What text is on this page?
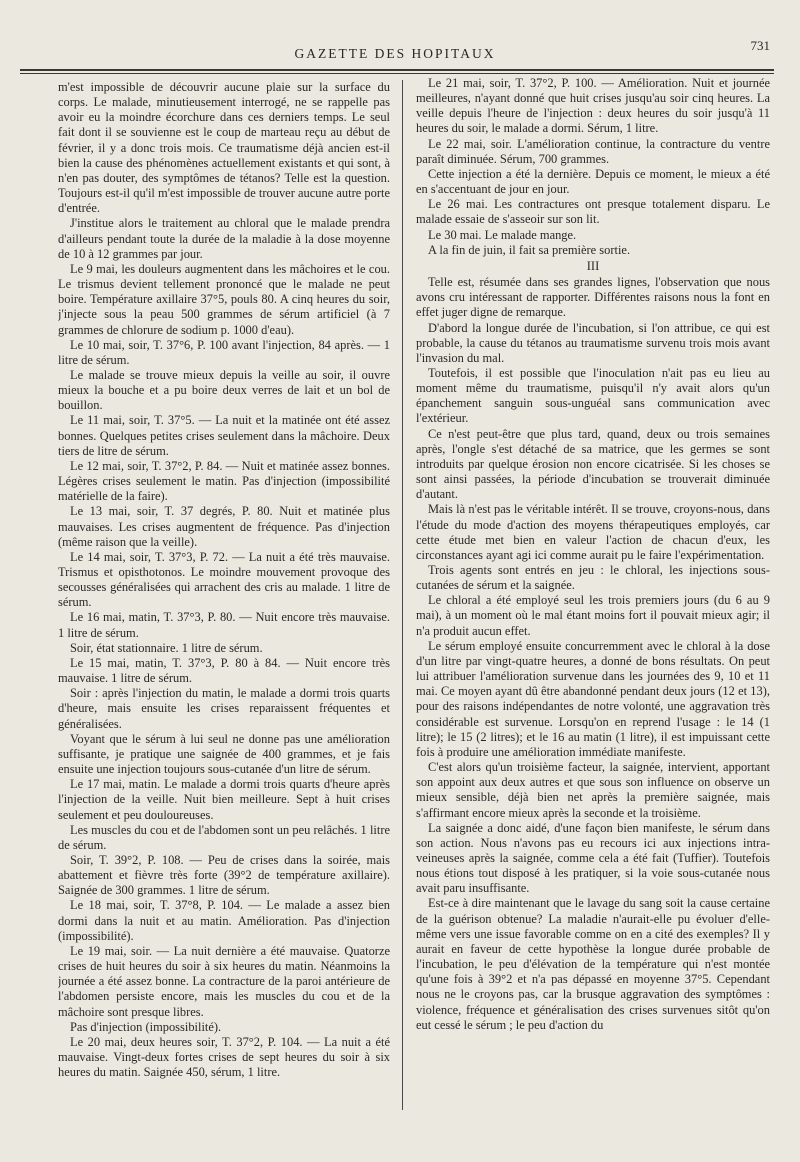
GAZETTE DES HOPITAUX
731

m'est impossible de découvrir aucune plaie sur la surface du corps. Le malade, minutieusement interrogé, ne se rappelle pas avoir eu la moindre écorchure dans ces derniers temps. Le seul fait dont il se souvienne est le coup de marteau reçu au début de février, il y a donc trois mois. Ce traumatisme déjà ancien est-il bien la cause des phénomènes actuellement existants et qui sont, à n'en pas douter, des symptômes de tétanos? Telle est la question. Toujours est-il qu'il m'est impossible de trouver aucune autre porte d'entrée.

J'institue alors le traitement au chloral que le malade prendra d'ailleurs pendant toute la durée de la maladie à la dose moyenne de 10 à 12 grammes par jour.

Le 9 mai, les douleurs augmentent dans les mâchoires et le cou. Le trismus devient tellement prononcé que le malade ne peut boire. Température axillaire 37°5, pouls 80. A cinq heures du soir, j'injecte sous la peau 500 grammes de sérum artificiel (à 7 grammes de chlorure de sodium p. 1000 d'eau).

Le 10 mai, soir, T. 37°6, P. 100 avant l'injection, 84 après. — 1 litre de sérum.

Le malade se trouve mieux depuis la veille au soir, il ouvre mieux la bouche et a pu boire deux verres de lait et un bol de bouillon.

Le 11 mai, soir, T. 37°5. — La nuit et la matinée ont été assez bonnes. Quelques petites crises seulement dans la mâchoire. Deux tiers de litre de sérum.

Le 12 mai, soir, T. 37°2, P. 84. — Nuit et matinée assez bonnes. Légères crises seulement le matin. Pas d'injection (impossibilité matérielle de la faire).

Le 13 mai, soir, T. 37 degrés, P. 80. Nuit et matinée plus mauvaises. Les crises augmentent de fréquence. Pas d'injection (même raison que la veille).

Le 14 mai, soir, T. 37°3, P. 72. — La nuit a été très mauvaise. Trismus et opisthotonos. Le moindre mouvement provoque des secousses généralisées qui arrachent des cris au malade. 1 litre de sérum.

Le 16 mai, matin, T. 37°3, P. 80. — Nuit encore très mauvaise. 1 litre de sérum.

Soir, état stationnaire. 1 litre de sérum.

Le 15 mai, matin, T. 37°3, P. 80 à 84. — Nuit encore très mauvaise. 1 litre de sérum.

Soir : après l'injection du matin, le malade a dormi trois quarts d'heure, mais ensuite les crises reparaissent fréquentes et généralisées.

Voyant que le sérum à lui seul ne donne pas une amélioration suffisante, je pratique une saignée de 400 grammes, et je fais ensuite une injection toujours sous-cutanée d'un litre de sérum.

Le 17 mai, matin. Le malade a dormi trois quarts d'heure après l'injection de la veille. Nuit bien meilleure. Sept à huit crises seulement et peu douloureuses.

Les muscles du cou et de l'abdomen sont un peu relâchés. 1 litre de sérum.

Soir, T. 39°2, P. 108. — Peu de crises dans la soirée, mais abattement et fièvre très forte (39°2 de température axillaire). Saignée de 300 grammes. 1 litre de sérum.

Le 18 mai, soir, T. 37°8, P. 104. — Le malade a assez bien dormi dans la nuit et au matin. Amélioration. Pas d'injection (impossibilité).

Le 19 mai, soir. — La nuit dernière a été mauvaise. Quatorze crises de huit heures du soir à six heures du matin. Néanmoins la journée a été assez bonne. La contracture de la paroi antérieure de l'abdomen persiste encore, mais les muscles du cou et de la mâchoire sont presque libres.

Pas d'injection (impossibilité).

Le 20 mai, deux heures soir, T. 37°2, P. 104. — La nuit a été mauvaise. Vingt-deux fortes crises de sept heures du soir à six heures du matin. Saignée 450, sérum, 1 litre.

Le 21 mai, soir, T. 37°2, P. 100. — Amélioration. Nuit et journée meilleures, n'ayant donné que huit crises jusqu'au soir cinq heures. La veille depuis l'heure de l'injection : deux heures du soir jusqu'à 11 heures du soir, le malade a dormi. Sérum, 1 litre.

Le 22 mai, soir. L'amélioration continue, la contracture du ventre paraît diminuée. Sérum, 700 grammes.

Cette injection a été la dernière. Depuis ce moment, le mieux a été en s'accentuant de jour en jour.

Le 26 mai. Les contractures ont presque totalement disparu. Le malade essaie de s'asseoir sur son lit.

Le 30 mai. Le malade mange.

A la fin de juin, il fait sa première sortie.

III

Telle est, résumée dans ses grandes lignes, l'observation que nous avons cru intéressant de rapporter. Différentes raisons nous la font en effet juger digne de remarque.

D'abord la longue durée de l'incubation, si l'on attribue, ce qui est probable, la cause du tétanos au traumatisme survenu trois mois avant l'invasion du mal.

Toutefois, il est possible que l'inoculation n'ait pas eu lieu au moment même du traumatisme, puisqu'il n'y avait alors qu'un épanchement sanguin sous-unguéal sans communication avec l'extérieur.

Ce n'est peut-être que plus tard, quand, deux ou trois semaines après, l'ongle s'est détaché de sa matrice, que les germes se sont introduits par quelque érosion non encore cicatrisée. Si les choses se sont ainsi passées, la période d'incubation se trouverait diminuée d'autant.

Mais là n'est pas le véritable intérêt. Il se trouve, croyons-nous, dans l'étude du mode d'action des moyens thérapeutiques employés, car cette étude met bien en valeur l'action de chacun d'eux, les circonstances ayant agi ici comme aurait pu le faire l'expérimentation.

Trois agents sont entrés en jeu : le chloral, les injections sous-cutanées de sérum et la saignée.

Le chloral a été employé seul les trois premiers jours (du 6 au 9 mai), à un moment où le mal étant moins fort il pouvait mieux agir; il n'a produit aucun effet.

Le sérum employé ensuite concurremment avec le chloral à la dose d'un litre par vingt-quatre heures, a donné de bons résultats. On peut lui attribuer l'amélioration survenue dans les journées des 9, 10 et 11 mai. Ce moyen ayant dû être abandonné pendant deux jours (12 et 13), pour des raisons indépendantes de notre volonté, une aggravation très considérable est survenue. Lorsqu'on en reprend l'usage : le 14 (1 litre); le 15 (2 litres); et le 16 au matin (1 litre), il est impuissant cette fois à produire une amélioration immédiate manifeste.

C'est alors qu'un troisième facteur, la saignée, intervient, apportant son appoint aux deux autres et que sous son influence on observe un mieux sensible, déjà bien net après la première saignée, mais s'affirmant encore mieux après la seconde et la troisième.

La saignée a donc aidé, d'une façon bien manifeste, le sérum dans son action. Nous n'avons pas eu recours ici aux injections intra-veineuses après la saignée, comme cela a été fait (Tuffier). Toutefois nous étions tout disposé à les pratiquer, si la voie sous-cutanée nous avait paru insuffisante.

Est-ce à dire maintenant que le lavage du sang soit la cause certaine de la guérison obtenue? La maladie n'aurait-elle pu évoluer d'elle-même vers une issue favorable comme on en a cité des exemples? Il y aurait en faveur de cette hypothèse la longue durée probable de l'incubation, le peu d'élévation de la température qui n'est montée qu'une fois à 39°2 et n'a pas dépassé en moyenne 37°5. Cependant nous ne le croyons pas, car la brusque aggravation des symptômes : violence, fréquence et généralisation des crises survenues sitôt qu'on eut cessé le sérum ; le peu d'action du
